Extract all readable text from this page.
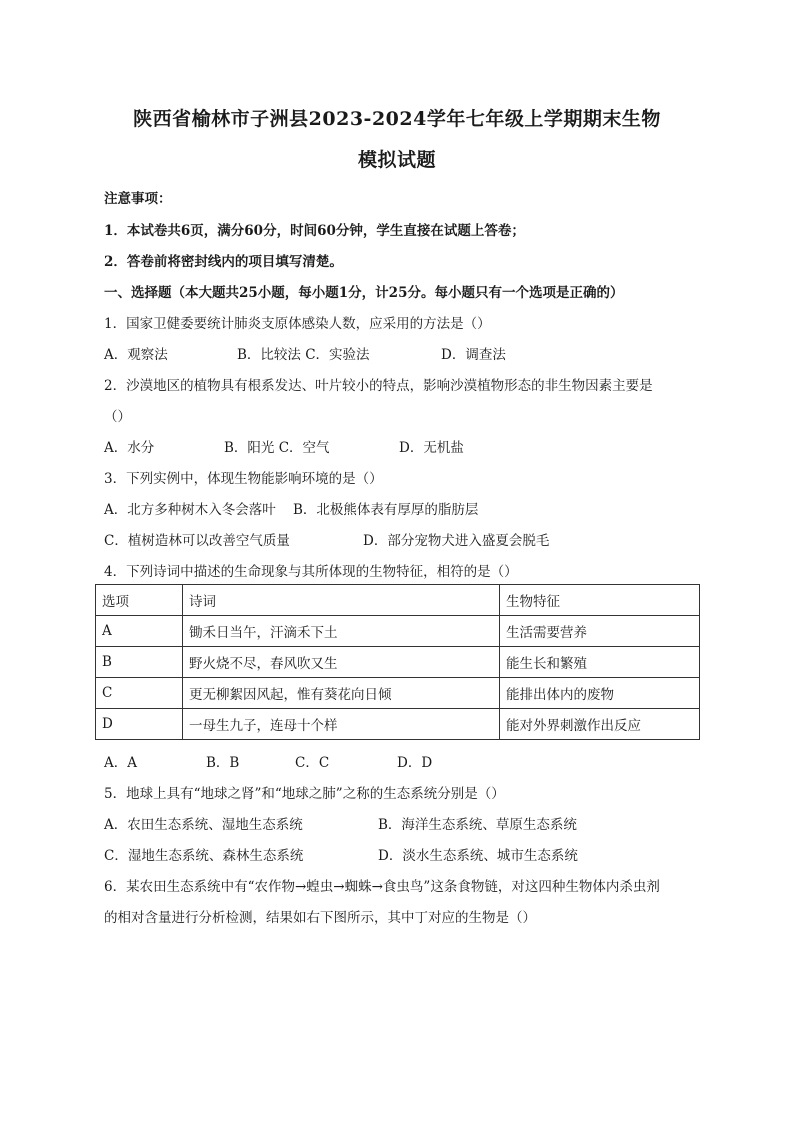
陕西省榆林市子洲县2023-2024学年七年级上学期期末生物
模拟试题
注意事项：
1．本试卷共6页，满分60分，时间60分钟，学生直接在试题上答卷；
2．答卷前将密封线内的项目填写清楚。
一、选择题（本大题共25小题，每小题1分，计25分。每小题只有一个选项是正确的）
1．国家卫健委要统计肺炎支原体感染人数，应采用的方法是（）
A．观察法	B．比较法 C．实验法	D．调查法
2．沙漠地区的植物具有根系发达、叶片较小的特点，影响沙漠植物形态的非生物因素主要是
（）
A．水分	B．阳光 C．空气	D．无机盐
3．下列实例中，体现生物能影响环境的是（）
A．北方多种树木入冬会落叶 B．北极熊体表有厚厚的脂肪层
C．植树造林可以改善空气质量	D．部分宠物犬进入盛夏会脱毛
4．下列诗词中描述的生命现象与其所体现的生物特征，相符的是（）
选项	诗词	生物特征
A	锄禾日当午，汗滴禾下土	生活需要营养
B	野火烧不尽，春风吹又生	能生长和繁殖
C	更无柳絮因风起，惟有葵花向日倾	能排出体内的废物
D	一母生九子，连母十个样	能对外界刺激作出反应
A．A	B．B	C．C	D．D
5．地球上具有“地球之肾”和“地球之肺”之称的生态系统分别是（）
A．农田生态系统、湿地生态系统	B．海洋生态系统、草原生态系统
C．湿地生态系统、森林生态系统	D．淡水生态系统、城市生态系统
6．某农田生态系统中有“农作物→蝗虫→蜘蛛→食虫鸟”这条食物链，对这四种生物体内杀虫剂
的相对含量进行分析检测，结果如右下图所示，其中丁对应的生物是（）
